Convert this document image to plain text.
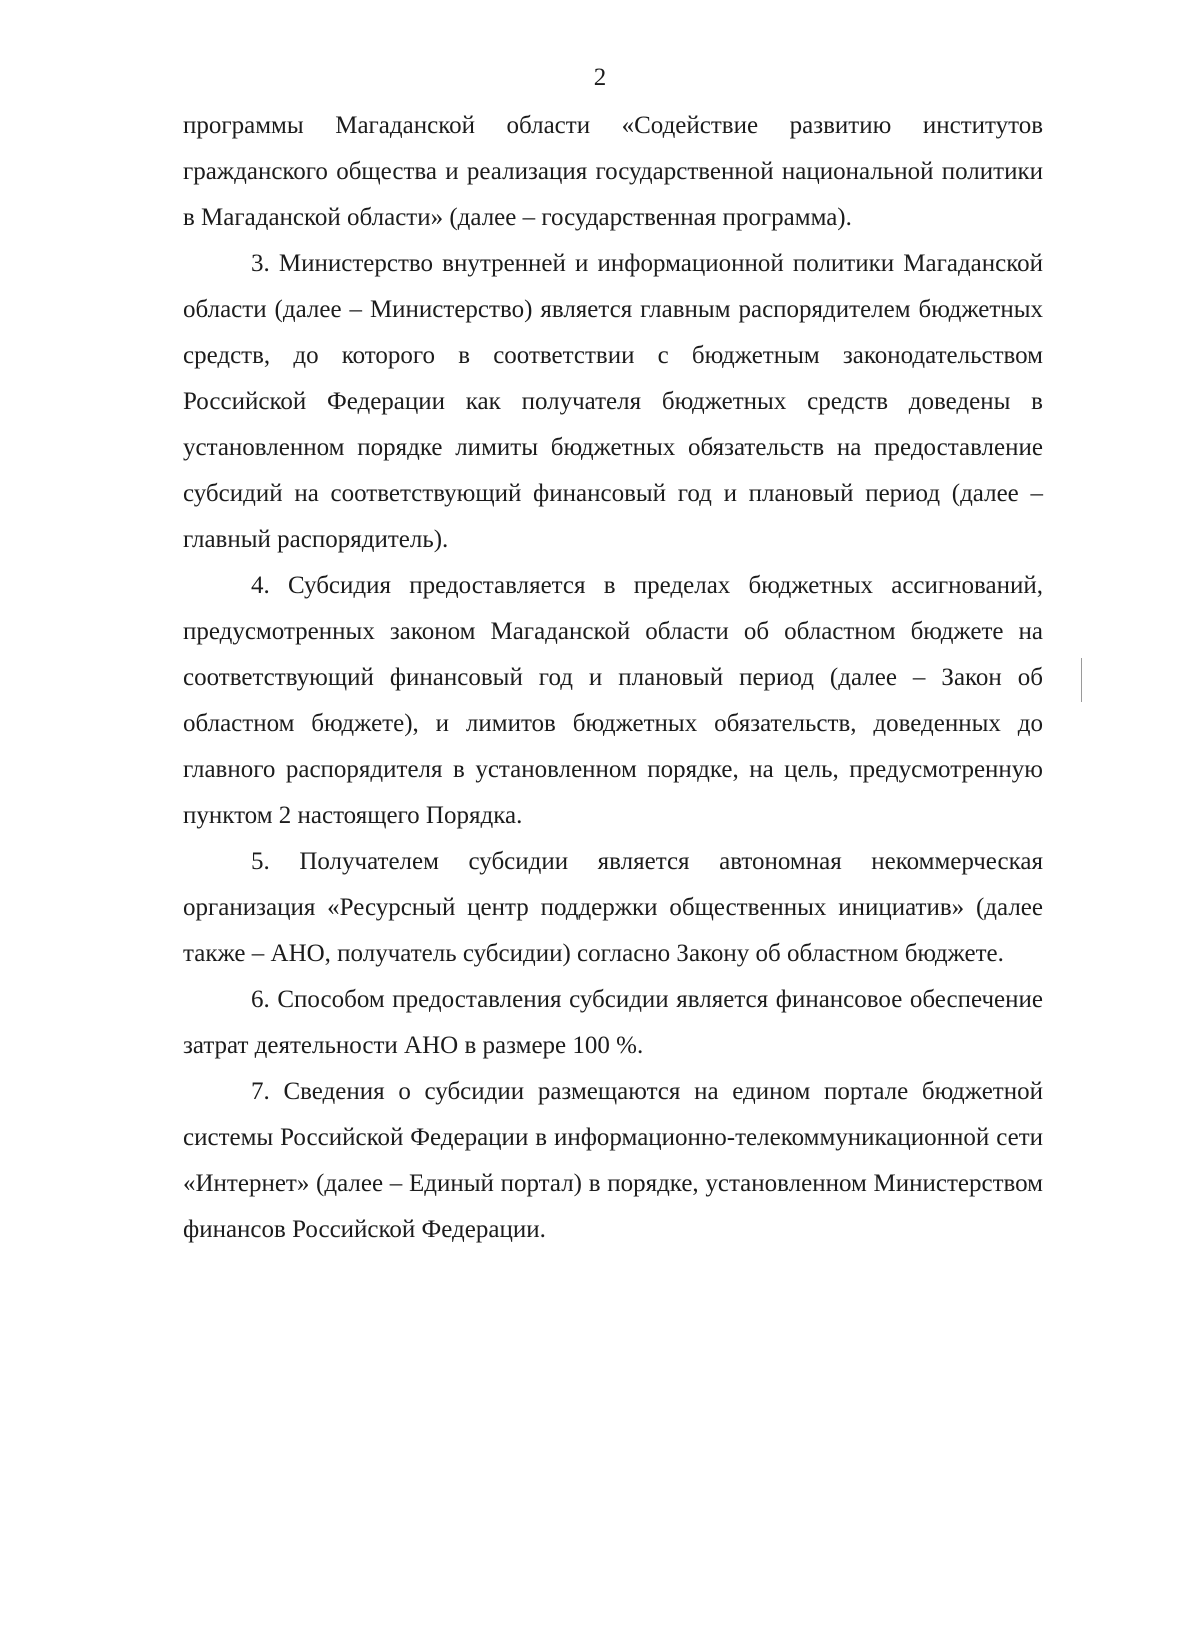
2

программы Магаданской области «Содействие развитию институтов гражданского общества и реализация государственной национальной политики в Магаданской области» (далее – государственная программа).

3. Министерство внутренней и информационной политики Магаданской области (далее – Министерство) является главным распорядителем бюджетных средств, до которого в соответствии с бюджетным законодательством Российской Федерации как получателя бюджетных средств доведены в установленном порядке лимиты бюджетных обязательств на предоставление субсидий на соответствующий финансовый год и плановый период (далее – главный распорядитель).

4. Субсидия предоставляется в пределах бюджетных ассигнований, предусмотренных законом Магаданской области об областном бюджете на соответствующий финансовый год и плановый период (далее – Закон об областном бюджете), и лимитов бюджетных обязательств, доведенных до главного распорядителя в установленном порядке, на цель, предусмотренную пунктом 2 настоящего Порядка.

5. Получателем субсидии является автономная некоммерческая организация «Ресурсный центр поддержки общественных инициатив» (далее также – АНО, получатель субсидии) согласно Закону об областном бюджете.

6. Способом предоставления субсидии является финансовое обеспечение затрат деятельности АНО в размере 100 %.

7. Сведения о субсидии размещаются на едином портале бюджетной системы Российской Федерации в информационно-телекоммуникационной сети «Интернет» (далее – Единый портал) в порядке, установленном Министерством финансов Российской Федерации.
